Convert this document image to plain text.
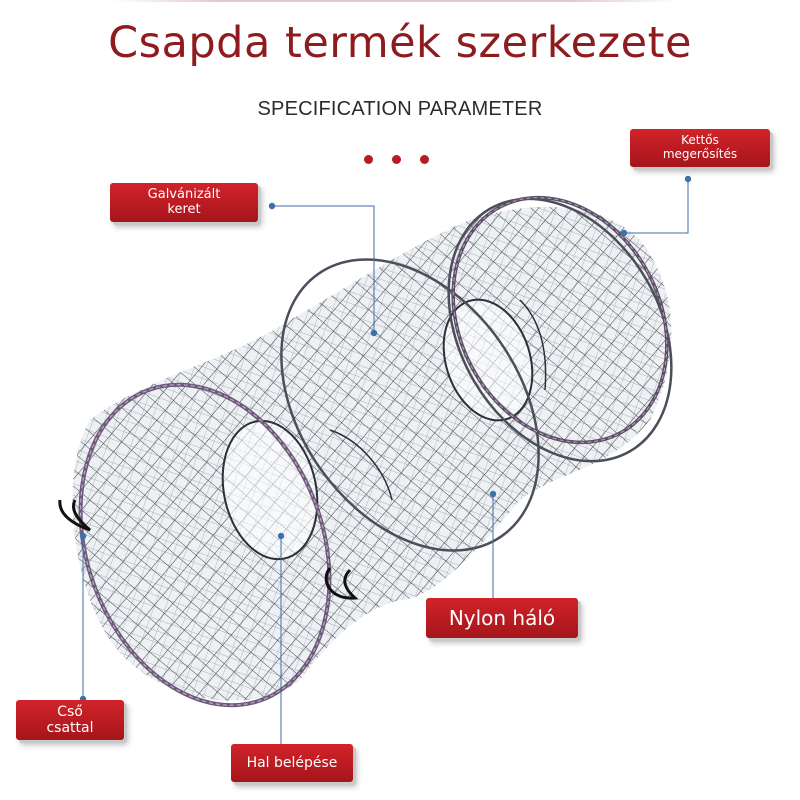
Csapda termék szerkezete
SPECIFICATION PARAMETER
Galvánizált
keret
Kettős
megerősítés
Nylon háló
Cső
csattal
Hal belépése
